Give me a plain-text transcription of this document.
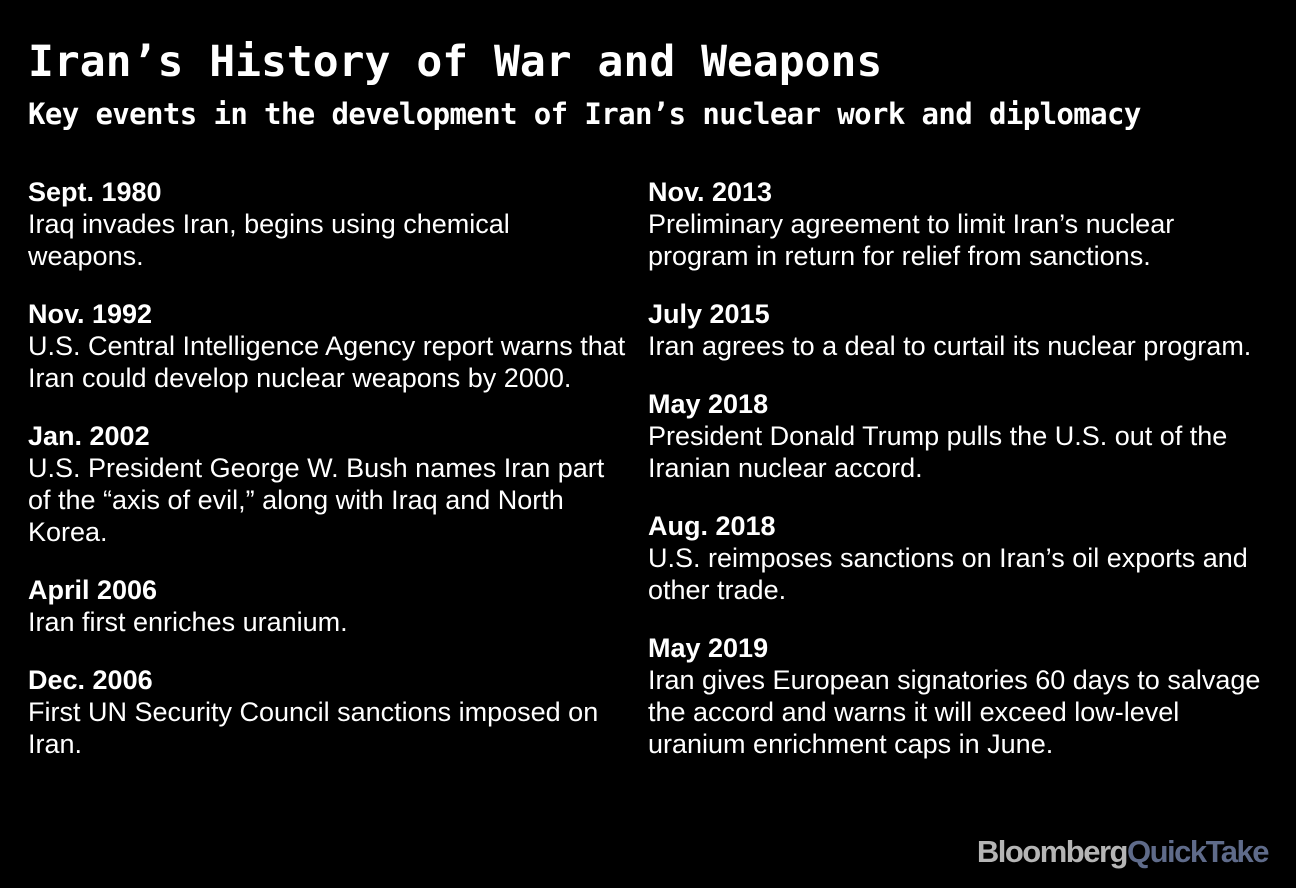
Iran’s History of War and Weapons
Key events in the development of Iran’s nuclear work and diplomacy
Sept. 1980
Iraq invades Iran, begins using chemical weapons.
Nov. 1992
U.S. Central Intelligence Agency report warns that Iran could develop nuclear weapons by 2000.
Jan. 2002
U.S. President George W. Bush names Iran part of the “axis of evil,” along with Iraq and North Korea.
April 2006
Iran first enriches uranium.
Dec. 2006
First UN Security Council sanctions imposed on Iran.
Nov. 2013
Preliminary agreement to limit Iran’s nuclear program in return for relief from sanctions.
July 2015
Iran agrees to a deal to curtail its nuclear program.
May 2018
President Donald Trump pulls the U.S. out of the Iranian nuclear accord.
Aug. 2018
U.S. reimposes sanctions on Iran’s oil exports and other trade.
May 2019
Iran gives European signatories 60 days to salvage the accord and warns it will exceed low-level uranium enrichment caps in June.
BloombergQuickTake
